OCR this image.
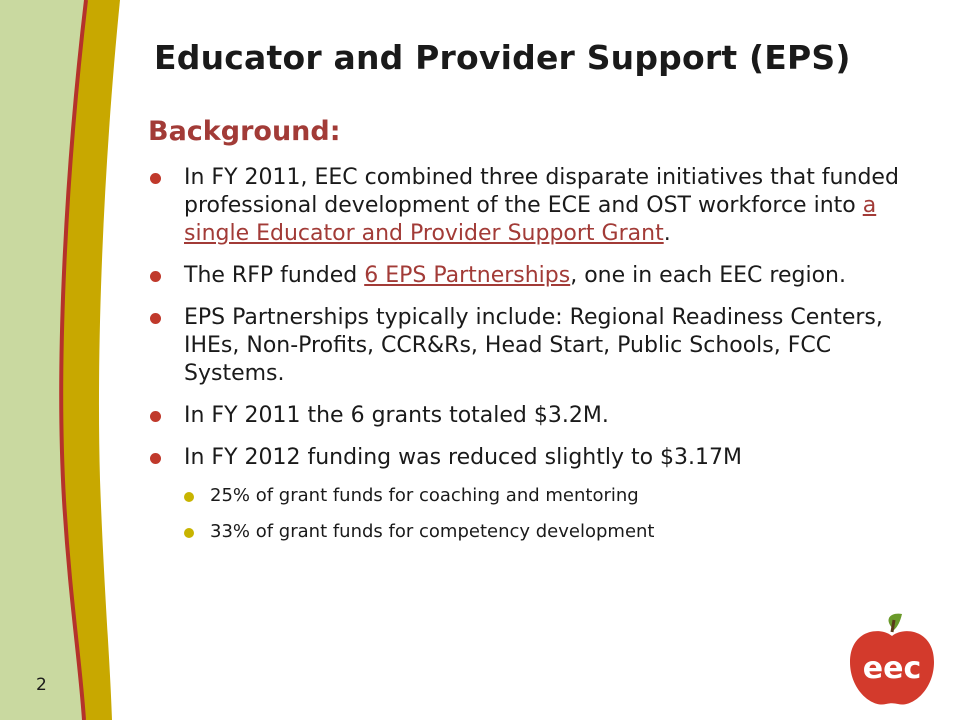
Educator and Provider Support (EPS)
Background:
In FY 2011, EEC combined three disparate initiatives that funded professional development of the ECE and OST workforce into a single Educator and Provider Support Grant.
The RFP funded 6 EPS Partnerships, one in each EEC region.
EPS Partnerships typically include: Regional Readiness Centers, IHEs, Non-Profits, CCR&Rs, Head Start, Public Schools, FCC Systems.
In FY 2011 the 6 grants totaled $3.2M.
In FY 2012 funding was reduced slightly to $3.17M
25% of grant funds for coaching and mentoring
33% of grant funds for competency development
2	eec
